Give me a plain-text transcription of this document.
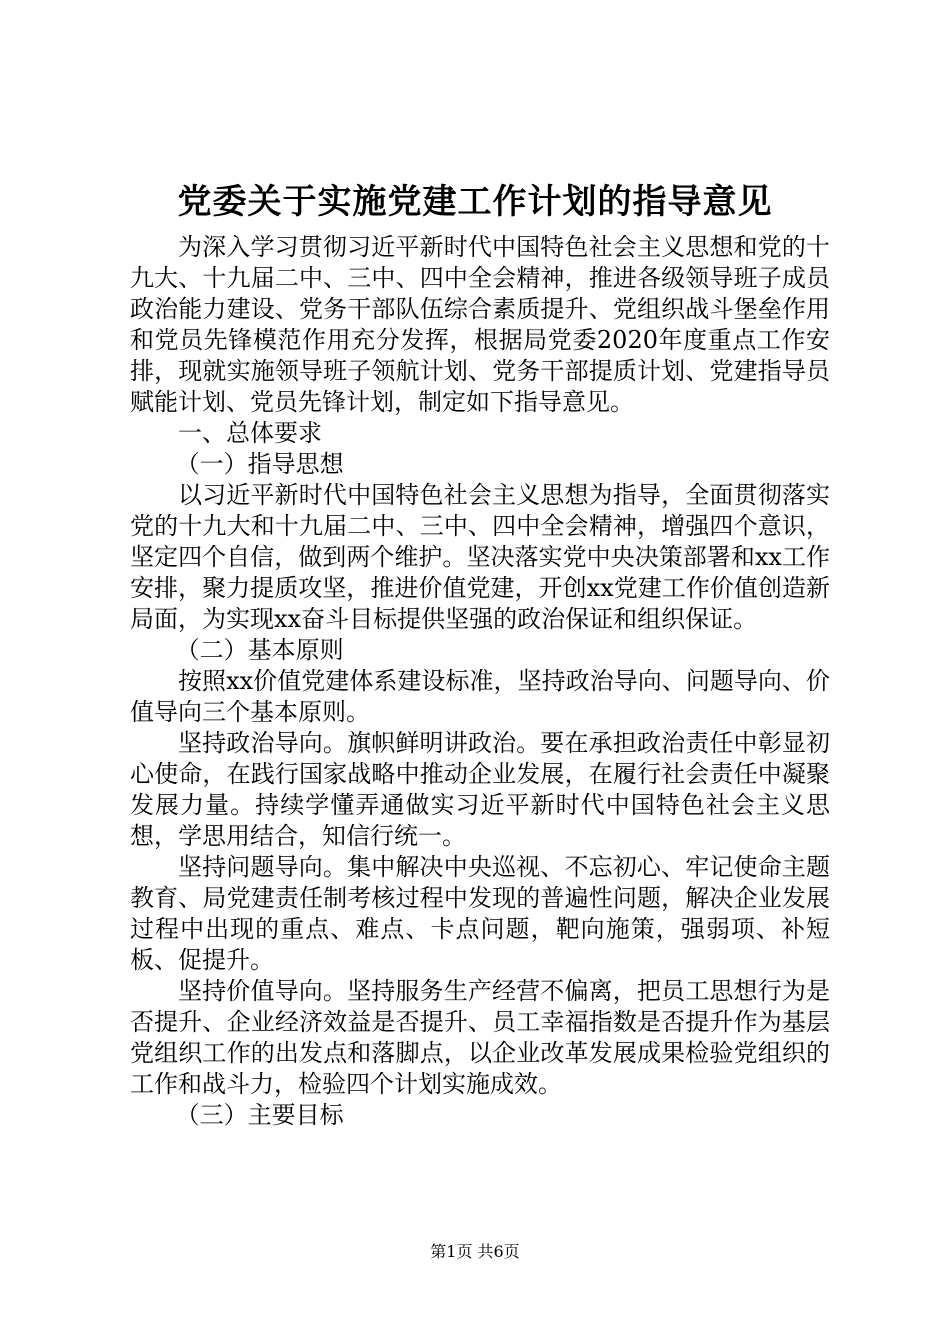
党委关于实施党建工作计划的指导意见

为深入学习贯彻习近平新时代中国特色社会主义思想和党的十九大、十九届二中、三中、四中全会精神，推进各级领导班子成员政治能力建设、党务干部队伍综合素质提升、党组织战斗堡垒作用和党员先锋模范作用充分发挥，根据局党委2020年度重点工作安排，现就实施领导班子领航计划、党务干部提质计划、党建指导员赋能计划、党员先锋计划，制定如下指导意见。

一、总体要求

（一）指导思想

以习近平新时代中国特色社会主义思想为指导，全面贯彻落实党的十九大和十九届二中、三中、四中全会精神，增强四个意识，坚定四个自信，做到两个维护。坚决落实党中央决策部署和xx工作安排，聚力提质攻坚，推进价值党建，开创xx党建工作价值创造新局面，为实现xx奋斗目标提供坚强的政治保证和组织保证。

（二）基本原则

按照xx价值党建体系建设标准，坚持政治导向、问题导向、价值导向三个基本原则。

坚持政治导向。旗帜鲜明讲政治。要在承担政治责任中彰显初心使命，在践行国家战略中推动企业发展，在履行社会责任中凝聚发展力量。持续学懂弄通做实习近平新时代中国特色社会主义思想，学思用结合，知信行统一。

坚持问题导向。集中解决中央巡视、不忘初心、牢记使命主题教育、局党建责任制考核过程中发现的普遍性问题，解决企业发展过程中出现的重点、难点、卡点问题，靶向施策，强弱项、补短板、促提升。

坚持价值导向。坚持服务生产经营不偏离，把员工思想行为是否提升、企业经济效益是否提升、员工幸福指数是否提升作为基层党组织工作的出发点和落脚点，以企业改革发展成果检验党组织的工作和战斗力，检验四个计划实施成效。

（三）主要目标

第1页 共6页
